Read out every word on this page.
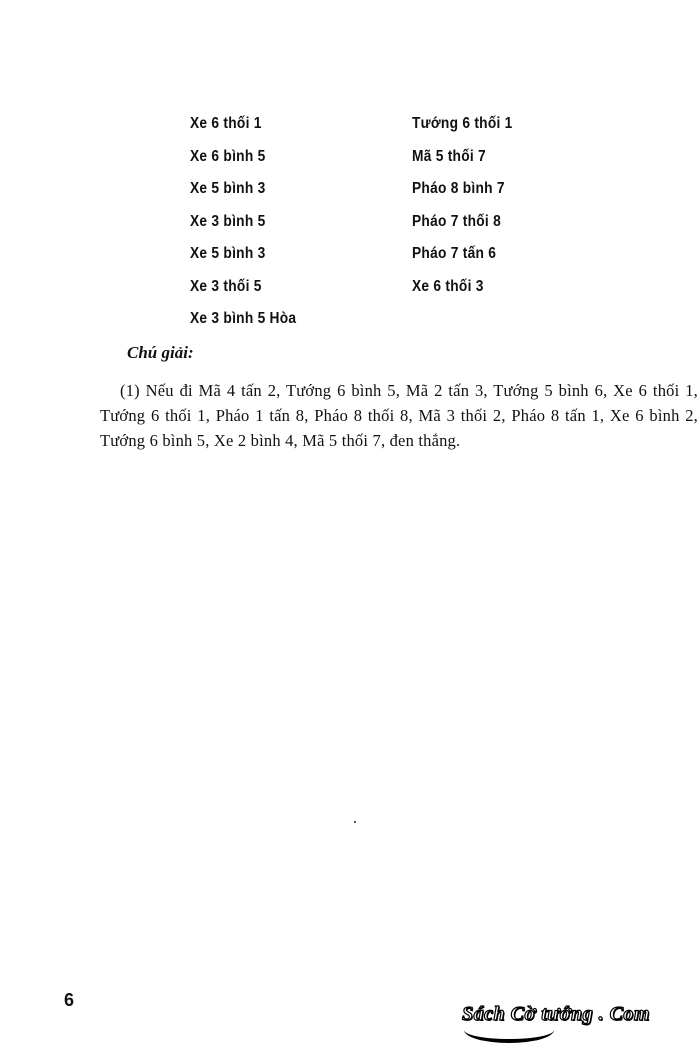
Xe 6 thối 1
Xe 6 bình 5
Xe 5 bình 3
Xe 3 bình 5
Xe 5 bình 3
Xe 3 thối 5
Xe 3 bình 5 Hòa
Tướng 6 thối 1
Mã 5 thối 7
Pháo 8 bình 7
Pháo 7 thối 8
Pháo 7 tấn 6
Xe 6 thối 3
Chú giải:
(1) Nếu đi Mã 4 tấn 2, Tướng 6 bình 5, Mã 2 tấn 3, Tướng 5 bình 6, Xe 6 thối 1, Tướng 6 thối 1, Pháo 1 tấn 8, Pháo 8 thối 8, Mã 3 thối 2, Pháo 8 tấn 1, Xe 6 bình 2, Tướng 6 bình 5, Xe 2 bình 4, Mã 5 thối 7, đen thắng.
6
Sách Cờ tướng . Com
